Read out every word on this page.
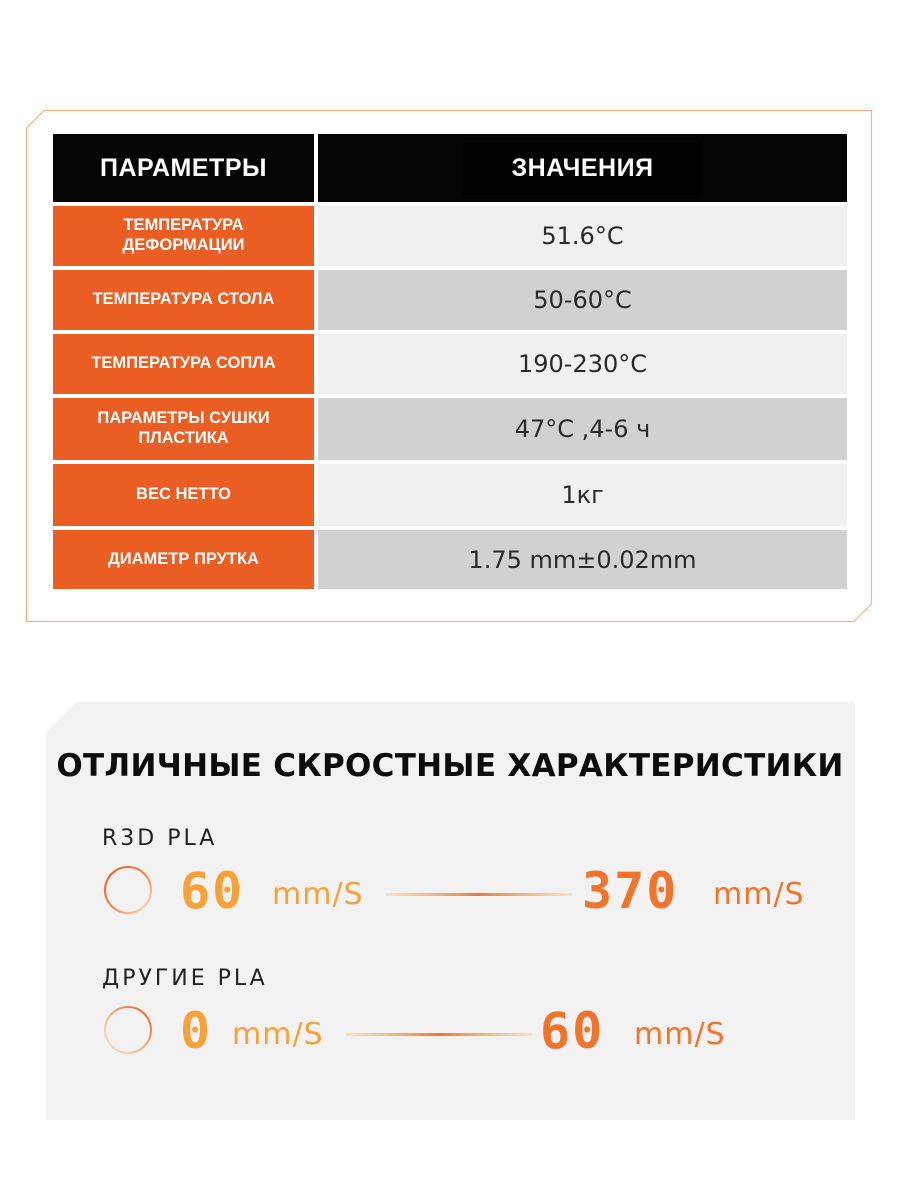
ПАРАМЕТРЫ	ЗНАЧЕНИЯ
ТЕМПЕРАТУРА ДЕФОРМАЦИИ	51.6°C
ТЕМПЕРАТУРА СТОЛА	50-60°C
ТЕМПЕРАТУРА СОПЛА	190-230°C
ПАРАМЕТРЫ СУШКИ ПЛАСТИКА	47°C ,4-6 ч
ВЕС НЕТТО	1кг
ДИАМЕТР ПРУТКА	1.75 mm±0.02mm
ОТЛИЧНЫЕ СКРОСТНЫЕ ХАРАКТЕРИСТИКИ
R3D PLA
60 mm/S	370 mm/S
ДРУГИЕ PLA
0 mm/S	60 mm/S
